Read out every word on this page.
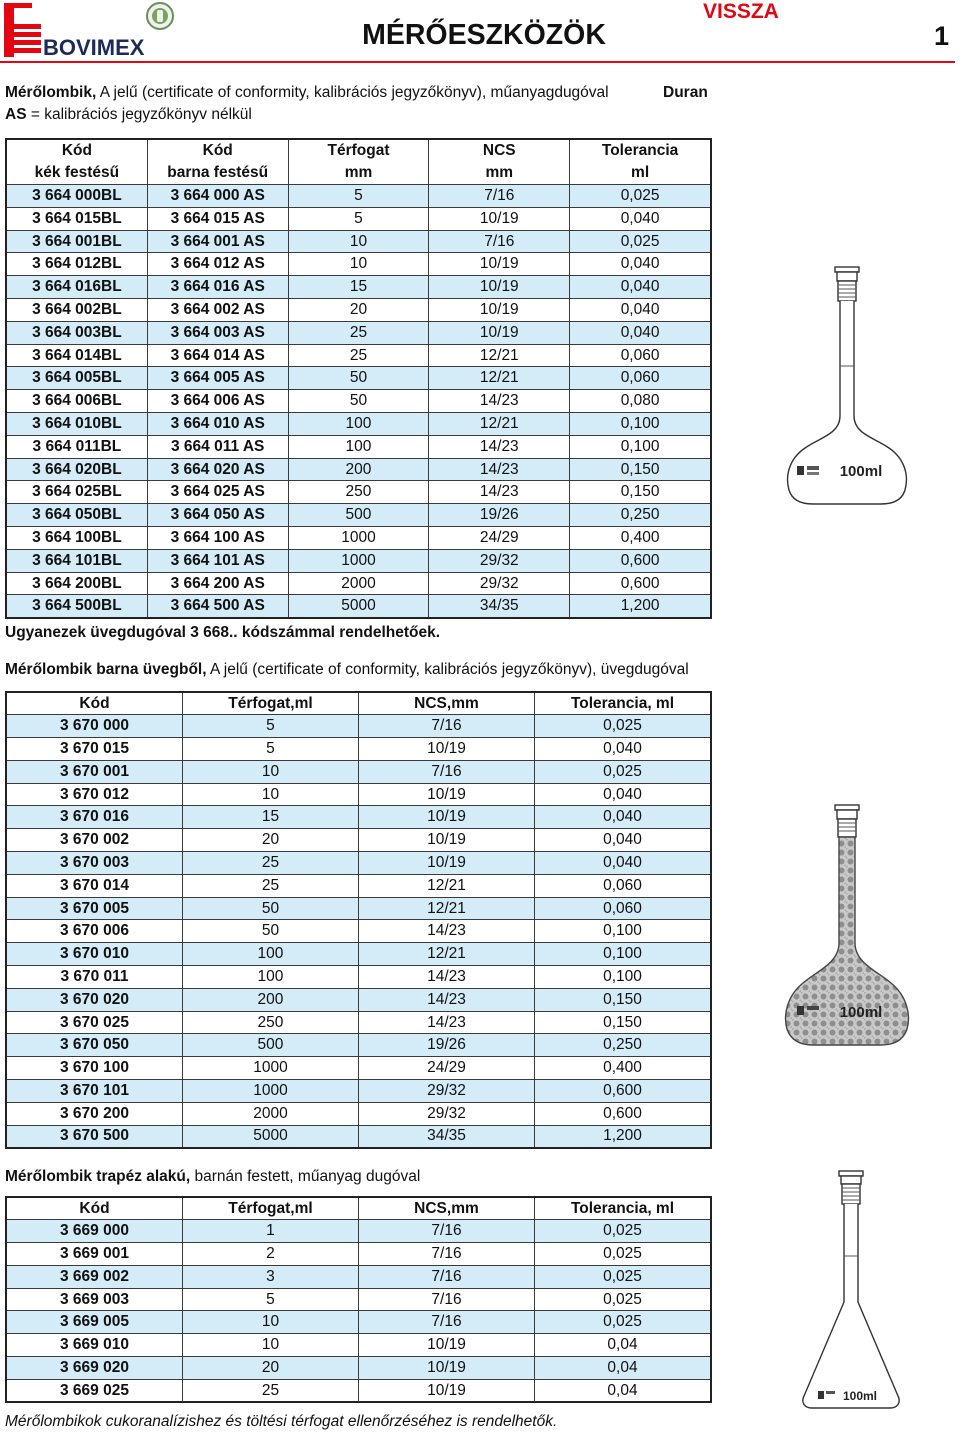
BOVIMEX	MÉRŐESZKÖZÖK
VISSZA
1
Mérőlombik, A jelű (certificate of conformity, kalibrációs jegyzőkönyv), műanyagdugóval	Duran
AS = kalibrációs jegyzőkönyv nélkül
Kód	Kód	Térfogat	NCS	Tolerancia
kék festésű	barna festésű	mm	mm	ml
3 664 000BL	3 664 000 AS	5	7/16	0,025
3 664 015BL	3 664 015 AS	5	10/19	0,040
3 664 001BL	3 664 001 AS	10	7/16	0,025
3 664 012BL	3 664 012 AS	10	10/19	0,040
3 664 016BL	3 664 016 AS	15	10/19	0,040
3 664 002BL	3 664 002 AS	20	10/19	0,040
3 664 003BL	3 664 003 AS	25	10/19	0,040
3 664 014BL	3 664 014 AS	25	12/21	0,060
3 664 005BL	3 664 005 AS	50	12/21	0,060
3 664 006BL	3 664 006 AS	50	14/23	0,080
3 664 010BL	3 664 010 AS	100	12/21	0,100
3 664 011BL	3 664 011 AS	100	14/23	0,100
3 664 020BL	3 664 020 AS	200	14/23	0,150
3 664 025BL	3 664 025 AS	250	14/23	0,150
3 664 050BL	3 664 050 AS	500	19/26	0,250
3 664 100BL	3 664 100 AS	1000	24/29	0,400
3 664 101BL	3 664 101 AS	1000	29/32	0,600
3 664 200BL	3 664 200 AS	2000	29/32	0,600
3 664 500BL	3 664 500 AS	5000	34/35	1,200
Ugyanezek üvegdugóval 3 668.. kódszámmal rendelhetőek.
Mérőlombik barna üvegből, A jelű (certificate of conformity, kalibrációs jegyzőkönyv), üvegdugóval
Kód	Térfogat,ml	NCS,mm	Tolerancia, ml
3 670 000	5	7/16	0,025
3 670 015	5	10/19	0,040
3 670 001	10	7/16	0,025
3 670 012	10	10/19	0,040
3 670 016	15	10/19	0,040
3 670 002	20	10/19	0,040
3 670 003	25	10/19	0,040
3 670 014	25	12/21	0,060
3 670 005	50	12/21	0,060
3 670 006	50	14/23	0,100
3 670 010	100	12/21	0,100
3 670 011	100	14/23	0,100
3 670 020	200	14/23	0,150
3 670 025	250	14/23	0,150
3 670 050	500	19/26	0,250
3 670 100	1000	24/29	0,400
3 670 101	1000	29/32	0,600
3 670 200	2000	29/32	0,600
3 670 500	5000	34/35	1,200
Mérőlombik trapéz alakú, barnán festett, műanyag dugóval
Kód	Térfogat,ml	NCS,mm	Tolerancia, ml
3 669 000	1	7/16	0,025
3 669 001	2	7/16	0,025
3 669 002	3	7/16	0,025
3 669 003	5	7/16	0,025
3 669 005	10	7/16	0,025
3 669 010	10	10/19	0,04
3 669 020	20	10/19	0,04
3 669 025	25	10/19	0,04
Mérőlombikok cukoranalízishez és töltési térfogat ellenőrzéséhez is rendelhetők.
100ml
100ml
100ml
